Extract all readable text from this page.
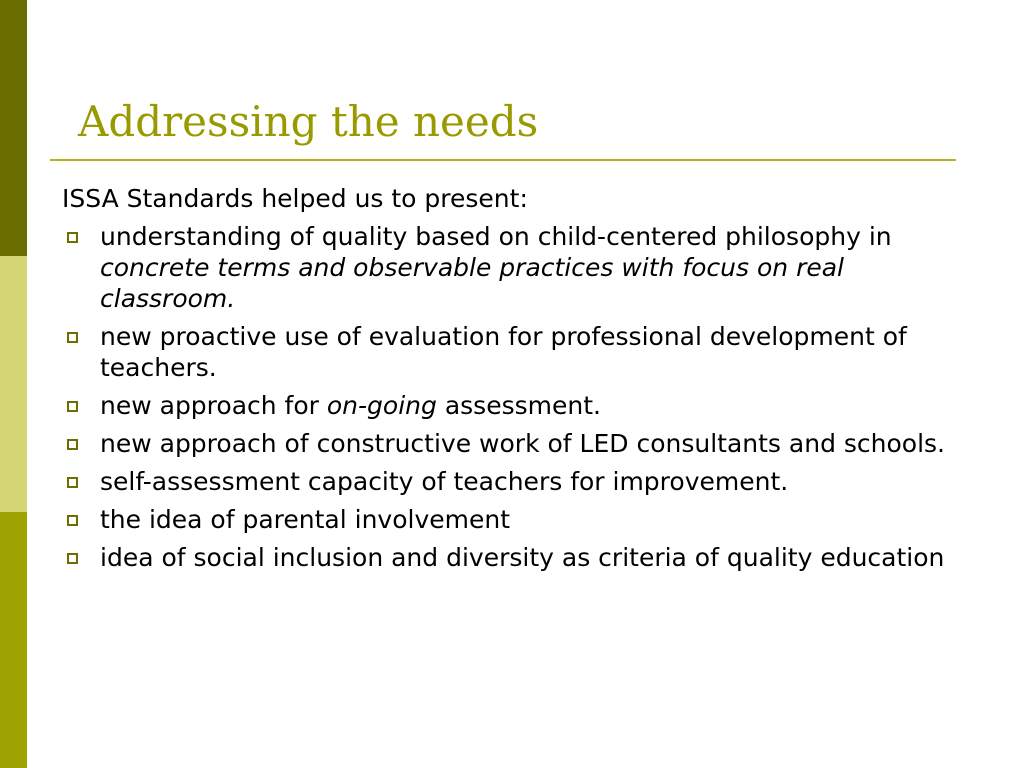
Addressing the needs
ISSA Standards helped us to present:
understanding of quality based on child-centered philosophy in concrete terms and observable practices with focus on real classroom.
new proactive use of evaluation for professional development of teachers.
new approach for on-going assessment.
new approach of constructive work of LED consultants and schools.
self-assessment capacity of teachers for improvement.
the idea of parental involvement
idea of social inclusion and diversity as criteria of quality education
